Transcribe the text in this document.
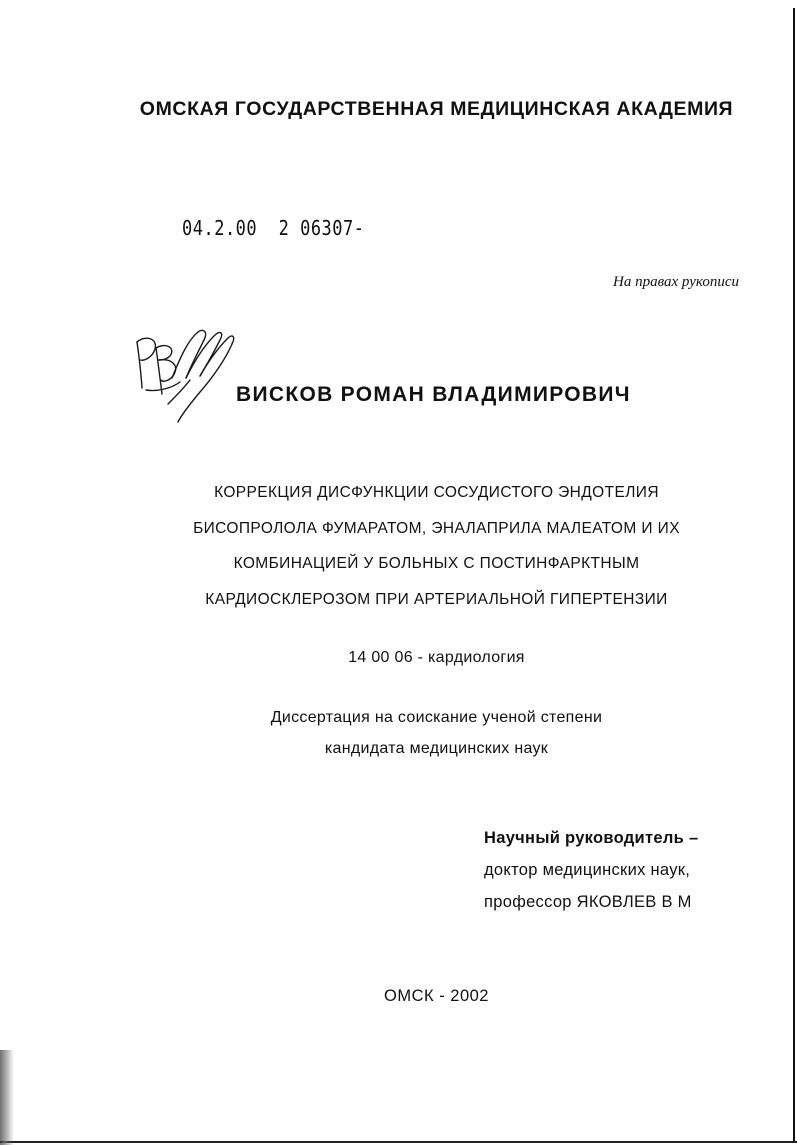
ОМСКАЯ ГОСУДАРСТВЕННАЯ МЕДИЦИНСКАЯ АКАДЕМИЯ
04.2.00  2 06307-
На правах рукописи
ВИСКОВ РОМАН ВЛАДИМИРОВИЧ
КОРРЕКЦИЯ ДИСФУНКЦИИ СОСУДИСТОГО ЭНДОТЕЛИЯ
БИСОПРОЛОЛА ФУМАРАТОМ, ЭНАЛАПРИЛА МАЛЕАТОМ И ИХ
КОМБИНАЦИЕЙ У БОЛЬНЫХ С ПОСТИНФАРКТНЫМ
КАРДИОСКЛЕРОЗОМ ПРИ АРТЕРИАЛЬНОЙ ГИПЕРТЕНЗИИ
14 00 06 - кардиология
Диссертация на соискание ученой степени
кандидата медицинских наук
Научный руководитель –
доктор медицинских наук,
профессор ЯКОВЛЕВ В М
ОМСК - 2002
